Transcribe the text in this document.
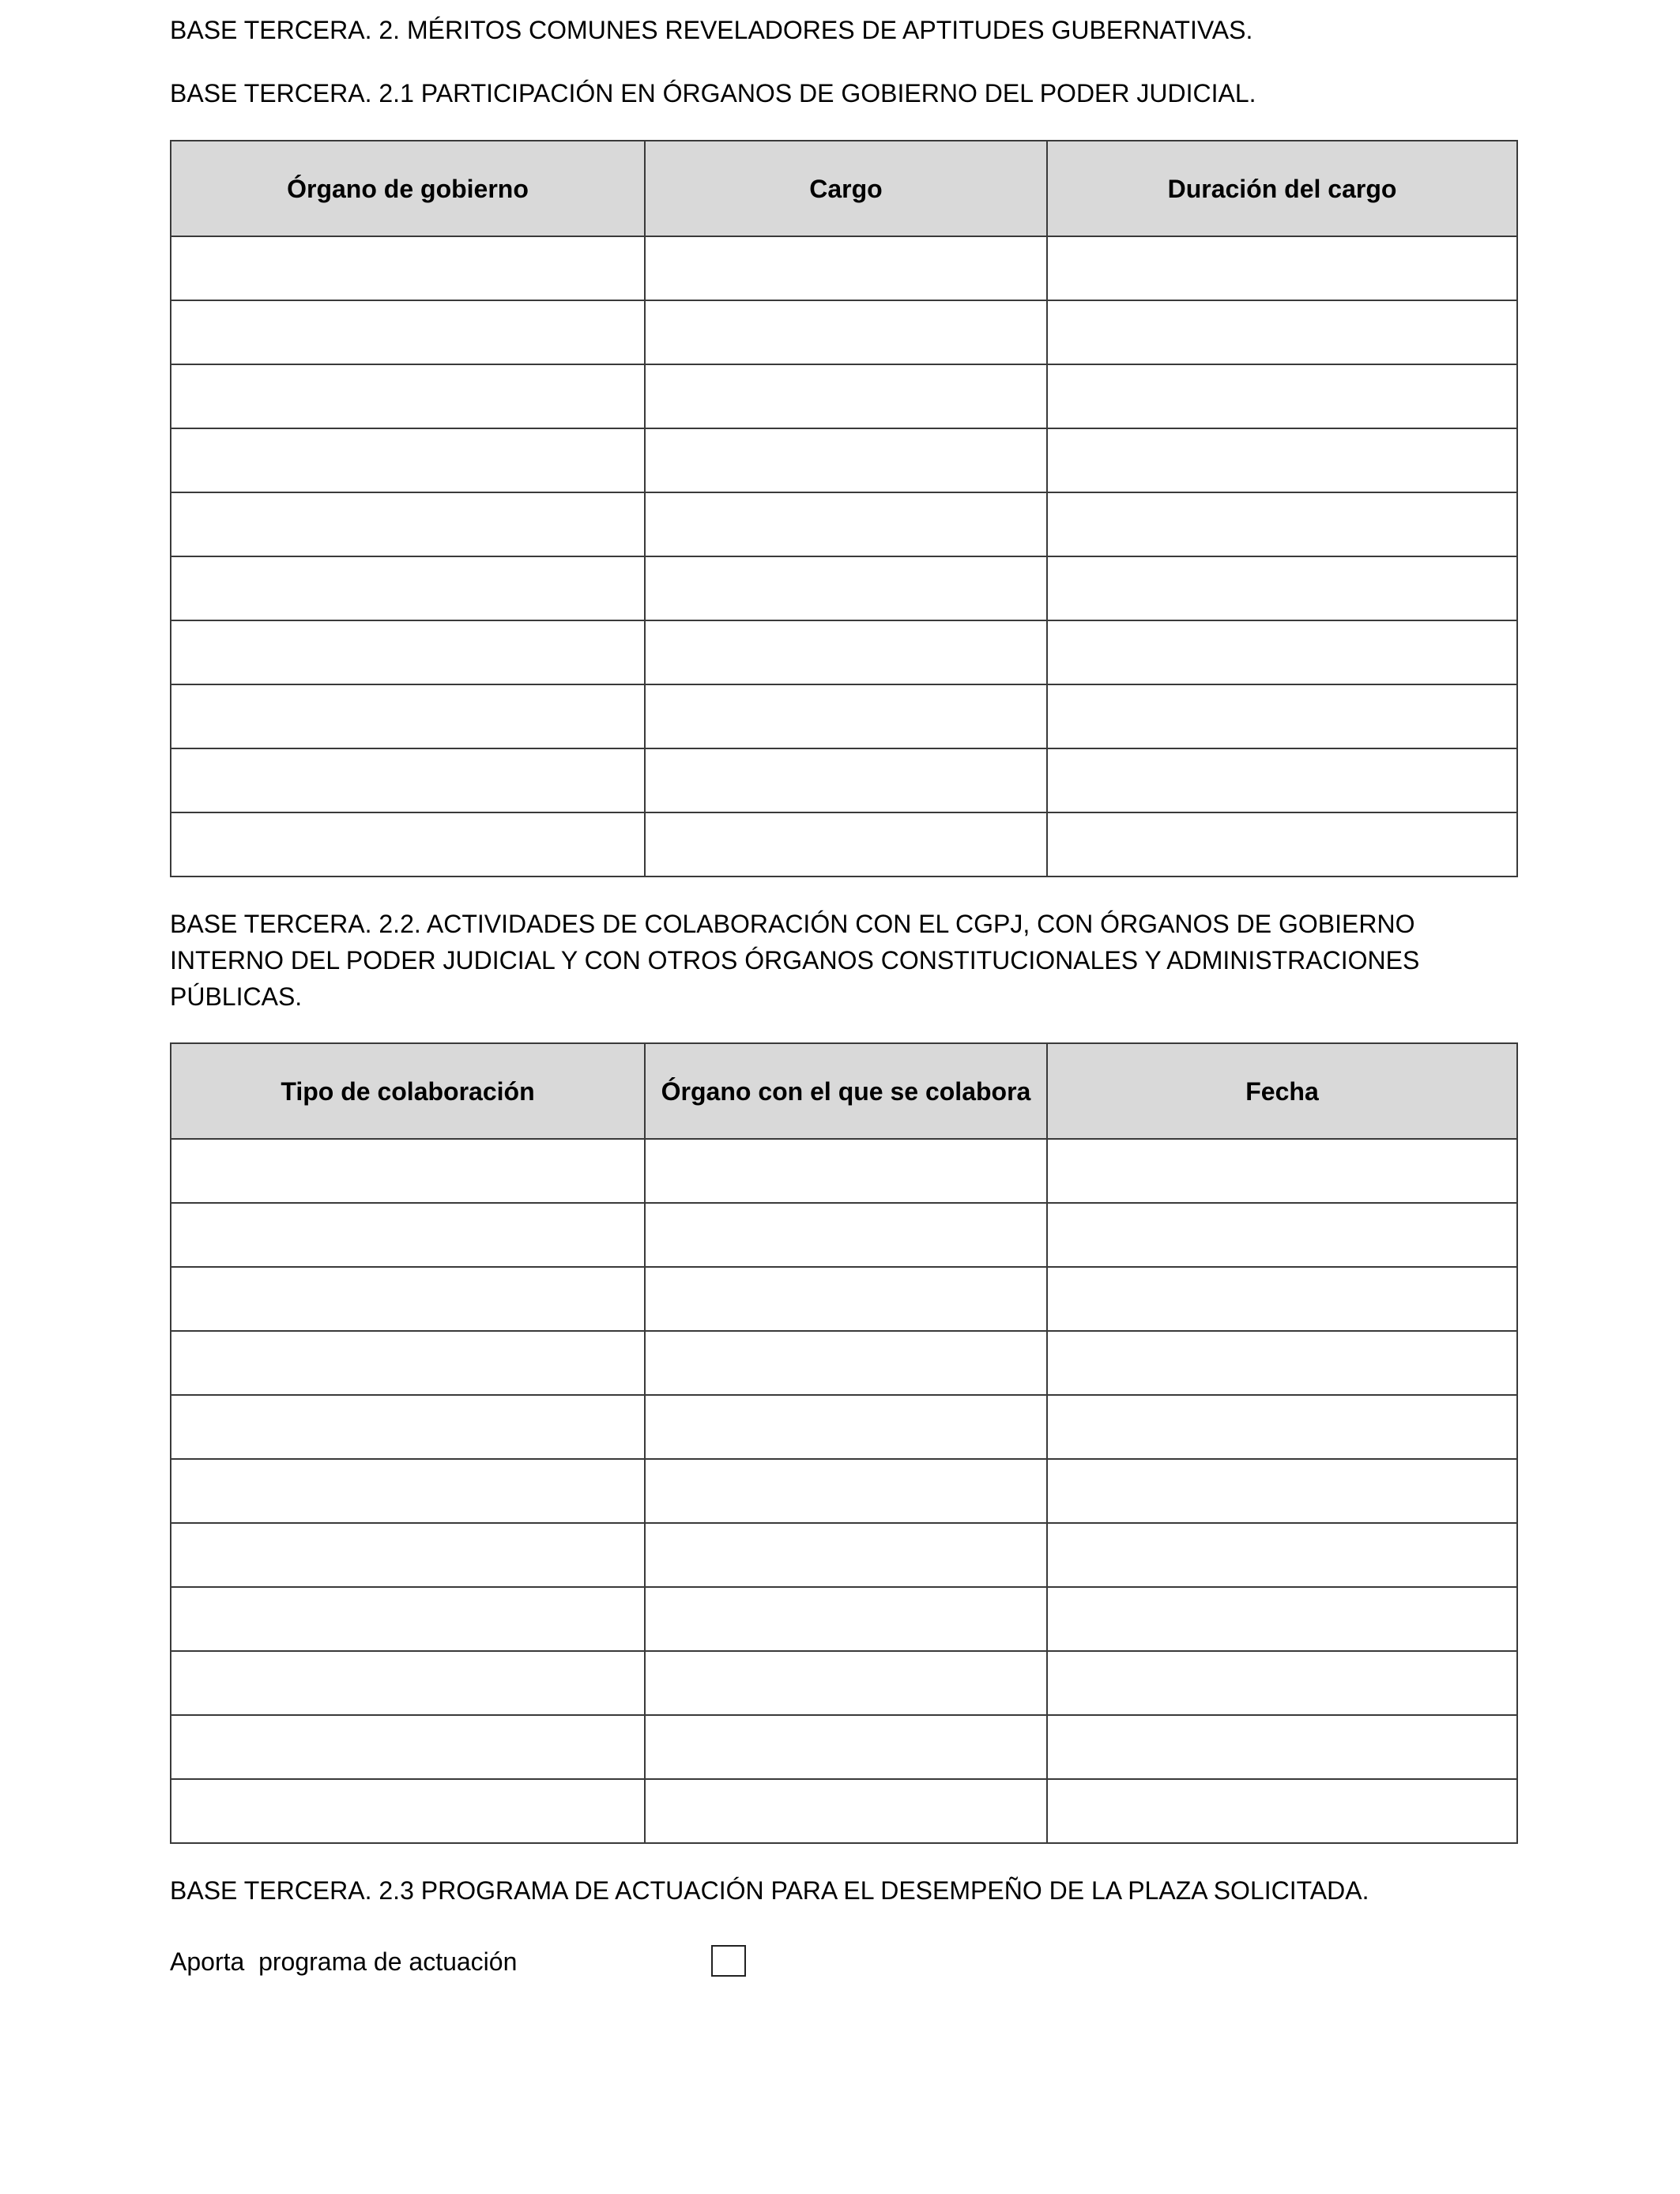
BASE TERCERA. 2. MÉRITOS COMUNES REVELADORES DE APTITUDES GUBERNATIVAS.

BASE TERCERA. 2.1 PARTICIPACIÓN EN ÓRGANOS DE GOBIERNO DEL PODER JUDICIAL.

Órgano de gobierno	Cargo	Duración del cargo

BASE TERCERA. 2.2. ACTIVIDADES DE COLABORACIÓN CON EL CGPJ, CON ÓRGANOS DE GOBIERNO INTERNO DEL PODER JUDICIAL Y CON OTROS ÓRGANOS CONSTITUCIONALES Y ADMINISTRACIONES PÚBLICAS.

Tipo de colaboración	Órgano con el que se colabora	Fecha

BASE TERCERA. 2.3 PROGRAMA DE ACTUACIÓN PARA EL DESEMPEÑO DE LA PLAZA SOLICITADA.

Aporta  programa de actuación
